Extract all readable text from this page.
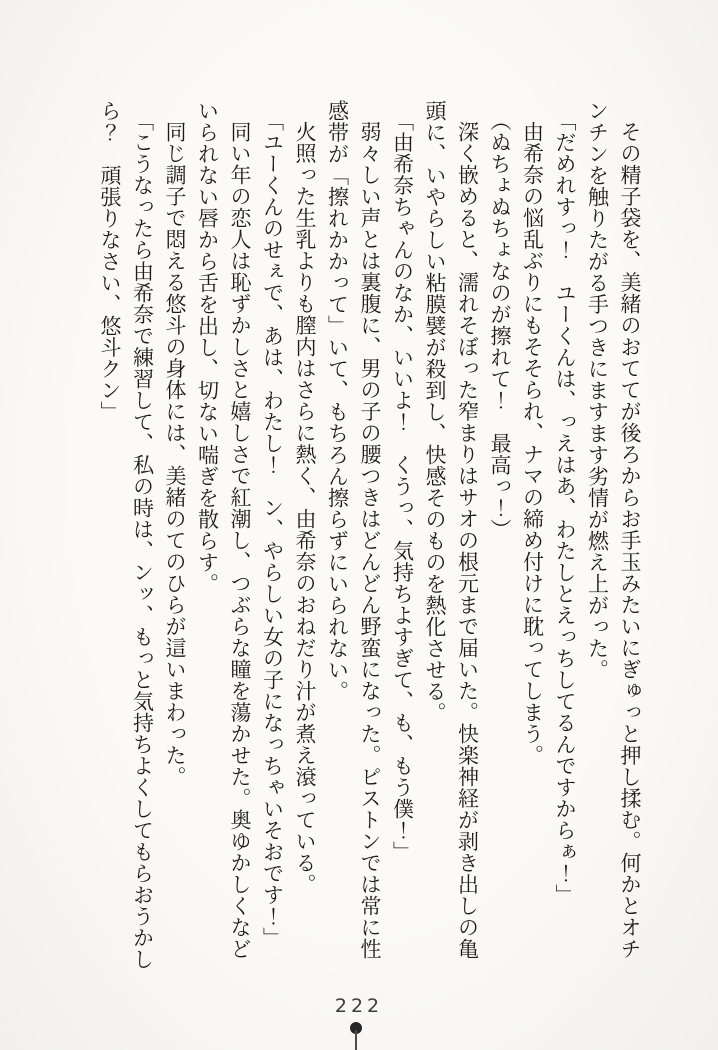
その精子袋を、美緒のおててが後ろからお手玉みたいにぎゅっと押し揉む。何かとオチ

ンチンを触りたがる手つきにますます劣情が燃え上がった。

「だめれすっ！　ユーくんは、っえはあ、わたしとえっちしてるんですからぁ！」

由希奈の悩乱ぶりにもそそられ、ナマの締め付けに耽ってしまう。

（ぬちょぬちょなのが擦れて！　最高っ！）

深く嵌めると、濡れそぼった窄まりはサオの根元まで届いた。快楽神経が剥き出しの亀

頭に、いやらしい粘膜襞が殺到し、快感そのものを熱化させる。

「由希奈ちゃんのなか、いいよ！　くうっ、気持ちよすぎて、も、もう僕！」

弱々しい声とは裏腹に、男の子の腰つきはどんどん野蛮になった。ピストンでは常に性

感帯が「擦れかかって」いて、もちろん擦らずにいられない。

火照った生乳よりも膣内はさらに熱く、由希奈のおねだり汁が煮え滾っている。

「ユーくんのせぇで、あは、わたし！　ン、やらしい女の子になっちゃいそおです！」

同い年の恋人は恥ずかしさと嬉しさで紅潮し、つぶらな瞳を蕩かせた。奥ゆかしくなど

いられない唇から舌を出し、切ない喘ぎを散らす。

同じ調子で悶える悠斗の身体には、美緒のてのひらが這いまわった。

「こうなったら由希奈で練習して、私の時は、ンッ、もっと気持ちよくしてもらおうかし

ら？　頑張りなさい、悠斗クン」

222
